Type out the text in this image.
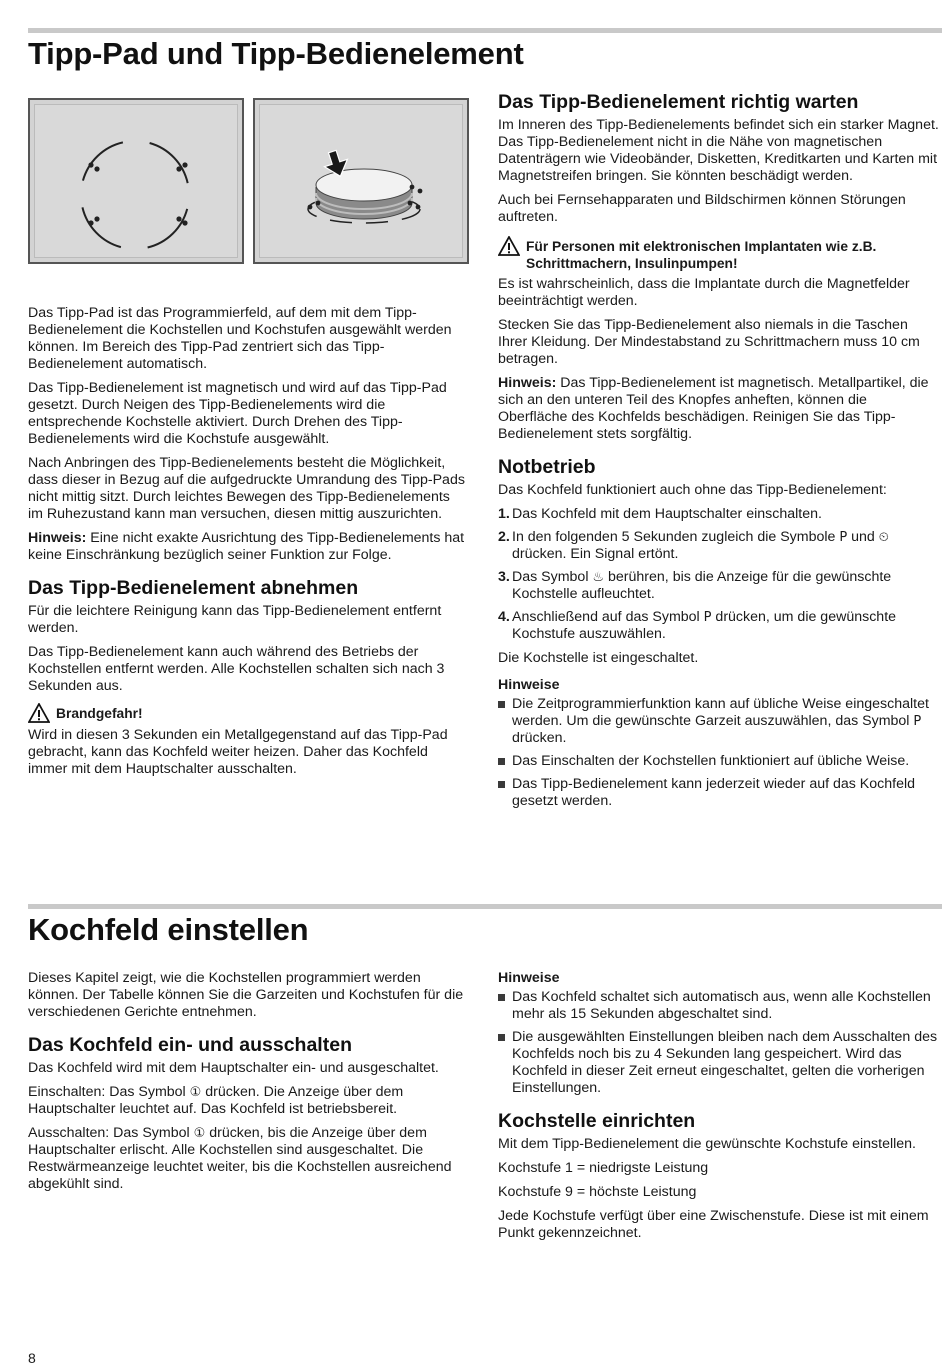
Tipp-Pad und Tipp-Bedienelement

Das Tipp-Pad ist das Programmierfeld, auf dem mit dem Tipp-Bedienelement die Kochstellen und Kochstufen ausgewählt werden können. Im Bereich des Tipp-Pad zentriert sich das Tipp-Bedienelement automatisch.

Das Tipp-Bedienelement ist magnetisch und wird auf das Tipp-Pad gesetzt. Durch Neigen des Tipp-Bedienelements wird die entsprechende Kochstelle aktiviert. Durch Drehen des Tipp-Bedienelements wird die Kochstufe ausgewählt.

Nach Anbringen des Tipp-Bedienelements besteht die Möglichkeit, dass dieser in Bezug auf die aufgedruckte Umrandung des Tipp-Pads nicht mittig sitzt. Durch leichtes Bewegen des Tipp-Bedienelements im Ruhezustand kann man versuchen, diesen mittig auszurichten.

Hinweis: Eine nicht exakte Ausrichtung des Tipp-Bedienelements hat keine Einschränkung bezüglich seiner Funktion zur Folge.

Das Tipp-Bedienelement abnehmen

Für die leichtere Reinigung kann das Tipp-Bedienelement entfernt werden.

Das Tipp-Bedienelement kann auch während des Betriebs der Kochstellen entfernt werden. Alle Kochstellen schalten sich nach 3 Sekunden aus.

Brandgefahr!

Wird in diesen 3 Sekunden ein Metallgegenstand auf das Tipp-Pad gebracht, kann das Kochfeld weiter heizen. Daher das Kochfeld immer mit dem Hauptschalter ausschalten.

Das Tipp-Bedienelement richtig warten

Im Inneren des Tipp-Bedienelements befindet sich ein starker Magnet. Das Tipp-Bedienelement nicht in die Nähe von magnetischen Datenträgern wie Videobänder, Disketten, Kreditkarten und Karten mit Magnetstreifen bringen. Sie könnten beschädigt werden.

Auch bei Fernsehapparaten und Bildschirmen können Störungen auftreten.

Für Personen mit elektronischen Implantaten wie z.B. Schrittmachern, Insulinpumpen!

Es ist wahrscheinlich, dass die Implantate durch die Magnetfelder beeinträchtigt werden.

Stecken Sie das Tipp-Bedienelement also niemals in die Taschen Ihrer Kleidung. Der Mindestabstand zu Schrittmachern muss 10 cm betragen.

Hinweis: Das Tipp-Bedienelement ist magnetisch. Metallpartikel, die sich an den unteren Teil des Knopfes anheften, können die Oberfläche des Kochfelds beschädigen. Reinigen Sie das Tipp-Bedienelement stets sorgfältig.

Notbetrieb

Das Kochfeld funktioniert auch ohne das Tipp-Bedienelement:

1. Das Kochfeld mit dem Hauptschalter einschalten.
2. In den folgenden 5 Sekunden zugleich die Symbole P und ⏲ drücken. Ein Signal ertönt.
3. Das Symbol ♨ berühren, bis die Anzeige für die gewünschte Kochstelle aufleuchtet.
4. Anschließend auf das Symbol P drücken, um die gewünschte Kochstufe auszuwählen.

Die Kochstelle ist eingeschaltet.

Hinweise
Die Zeitprogrammierfunktion kann auf übliche Weise eingeschaltet werden. Um die gewünschte Garzeit auszuwählen, das Symbol P drücken.
Das Einschalten der Kochstellen funktioniert auf übliche Weise.
Das Tipp-Bedienelement kann jederzeit wieder auf das Kochfeld gesetzt werden.
Kochfeld einstellen

Dieses Kapitel zeigt, wie die Kochstellen programmiert werden können. Der Tabelle können Sie die Garzeiten und Kochstufen für die verschiedenen Gerichte entnehmen.

Das Kochfeld ein- und ausschalten

Das Kochfeld wird mit dem Hauptschalter ein- und ausgeschaltet.

Einschalten: Das Symbol ① drücken. Die Anzeige über dem Hauptschalter leuchtet auf. Das Kochfeld ist betriebsbereit.

Ausschalten: Das Symbol ① drücken, bis die Anzeige über dem Hauptschalter erlischt. Alle Kochstellen sind ausgeschaltet. Die Restwärmeanzeige leuchtet weiter, bis die Kochstellen ausreichend abgekühlt sind.

Hinweise
Das Kochfeld schaltet sich automatisch aus, wenn alle Kochstellen mehr als 15 Sekunden abgeschaltet sind.
Die ausgewählten Einstellungen bleiben nach dem Ausschalten des Kochfelds noch bis zu 4 Sekunden lang gespeichert. Wird das Kochfeld in dieser Zeit erneut eingeschaltet, gelten die vorherigen Einstellungen.
Kochstelle einrichten

Mit dem Tipp-Bedienelement die gewünschte Kochstufe einstellen.

Kochstufe 1 = niedrigste Leistung

Kochstufe 9 = höchste Leistung

Jede Kochstufe verfügt über eine Zwischenstufe. Diese ist mit einem Punkt gekennzeichnet.

8
